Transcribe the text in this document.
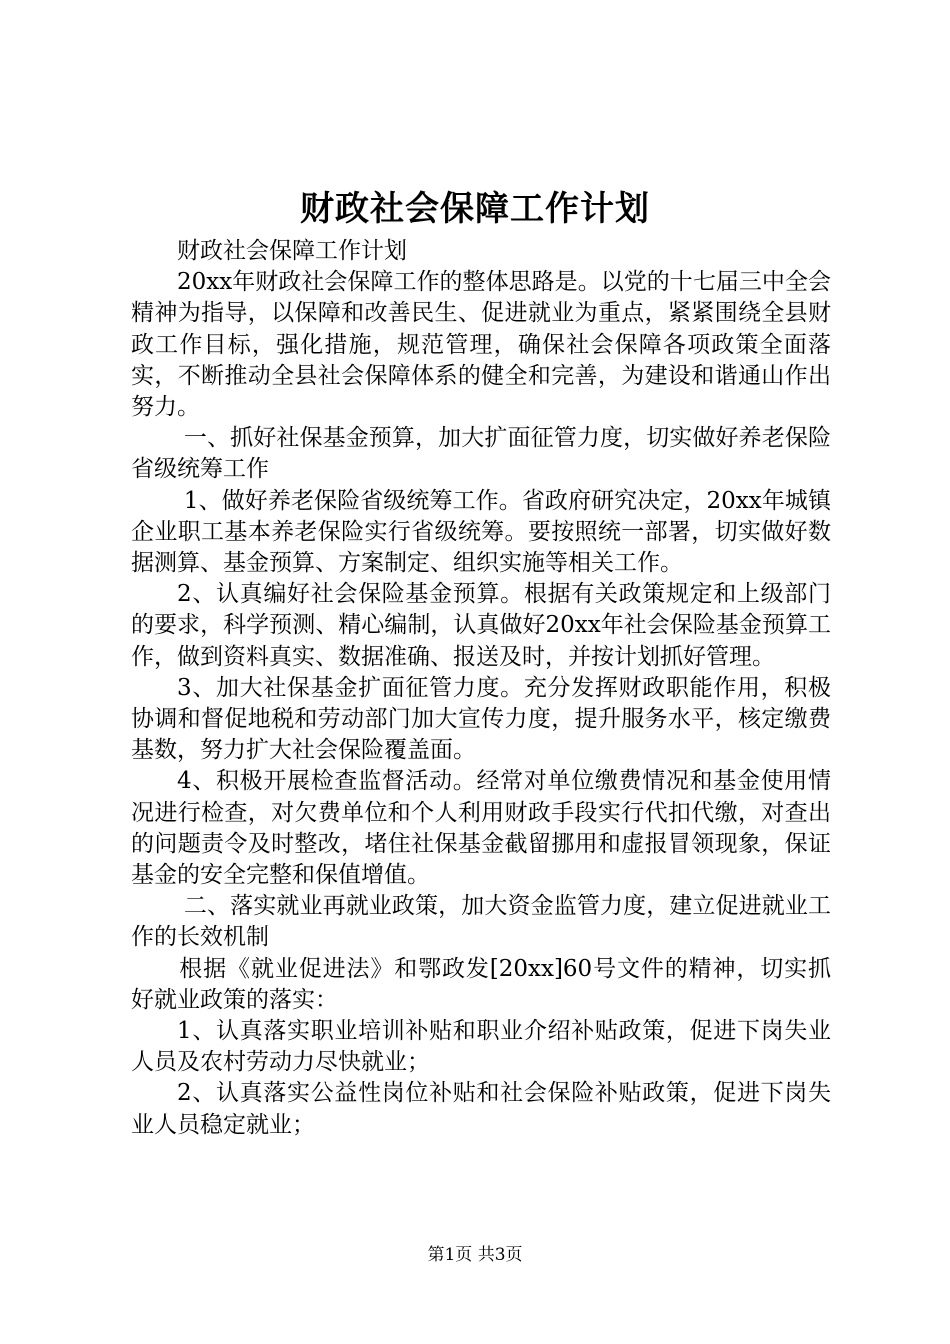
财政社会保障工作计划

财政社会保障工作计划

20xx年财政社会保障工作的整体思路是。以党的十七届三中全会精神为指导，以保障和改善民生、促进就业为重点，紧紧围绕全县财政工作目标，强化措施，规范管理，确保社会保障各项政策全面落实，不断推动全县社会保障体系的健全和完善，为建设和谐通山作出努力。

一、抓好社保基金预算，加大扩面征管力度，切实做好养老保险省级统筹工作

1、做好养老保险省级统筹工作。省政府研究决定，20xx年城镇企业职工基本养老保险实行省级统筹。要按照统一部署，切实做好数据测算、基金预算、方案制定、组织实施等相关工作。

2、认真编好社会保险基金预算。根据有关政策规定和上级部门的要求，科学预测、精心编制，认真做好20xx年社会保险基金预算工作，做到资料真实、数据准确、报送及时，并按计划抓好管理。

3、加大社保基金扩面征管力度。充分发挥财政职能作用，积极协调和督促地税和劳动部门加大宣传力度，提升服务水平，核定缴费基数，努力扩大社会保险覆盖面。

4、积极开展检查监督活动。经常对单位缴费情况和基金使用情况进行检查，对欠费单位和个人利用财政手段实行代扣代缴，对查出的问题责令及时整改，堵住社保基金截留挪用和虚报冒领现象，保证基金的安全完整和保值增值。

二、落实就业再就业政策，加大资金监管力度，建立促进就业工作的长效机制

根据《就业促进法》和鄂政发[20xx]60号文件的精神，切实抓好就业政策的落实：

1、认真落实职业培训补贴和职业介绍补贴政策，促进下岗失业人员及农村劳动力尽快就业；

2、认真落实公益性岗位补贴和社会保险补贴政策，促进下岗失业人员稳定就业；

第1页 共3页
